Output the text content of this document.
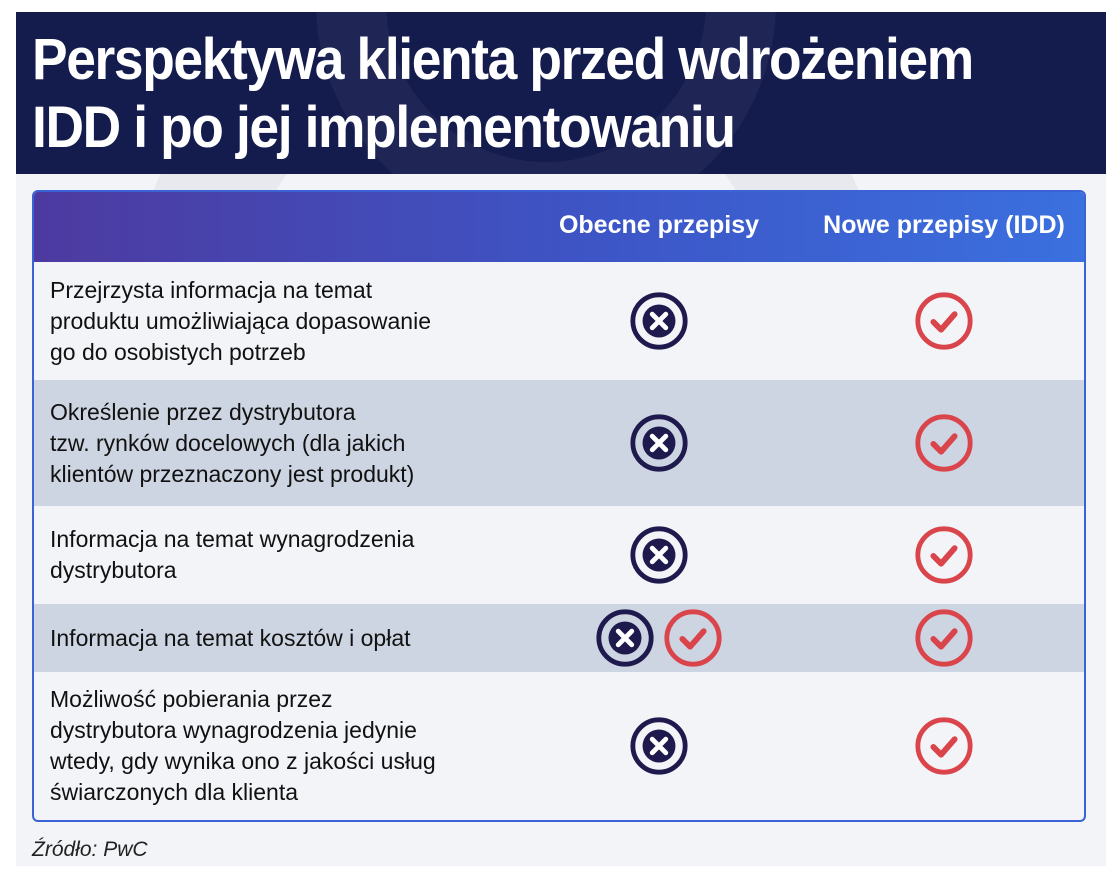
Perspektywa klienta przed wdrożeniem
IDD i po jej implementowaniu
Obecne przepisy	Nowe przepisy (IDD)
Przejrzysta informacja na temat
produktu umożliwiająca dopasowanie
go do osobistych potrzeb
Określenie przez dystrybutora
tzw. rynków docelowych (dla jakich
klientów przeznaczony jest produkt)
Informacja na temat wynagrodzenia
dystrybutora
Informacja na temat kosztów i opłat
Możliwość pobierania przez
dystrybutora wynagrodzenia jedynie
wtedy, gdy wynika ono z jakości usług
świarczonych dla klienta
Źródło: PwC
